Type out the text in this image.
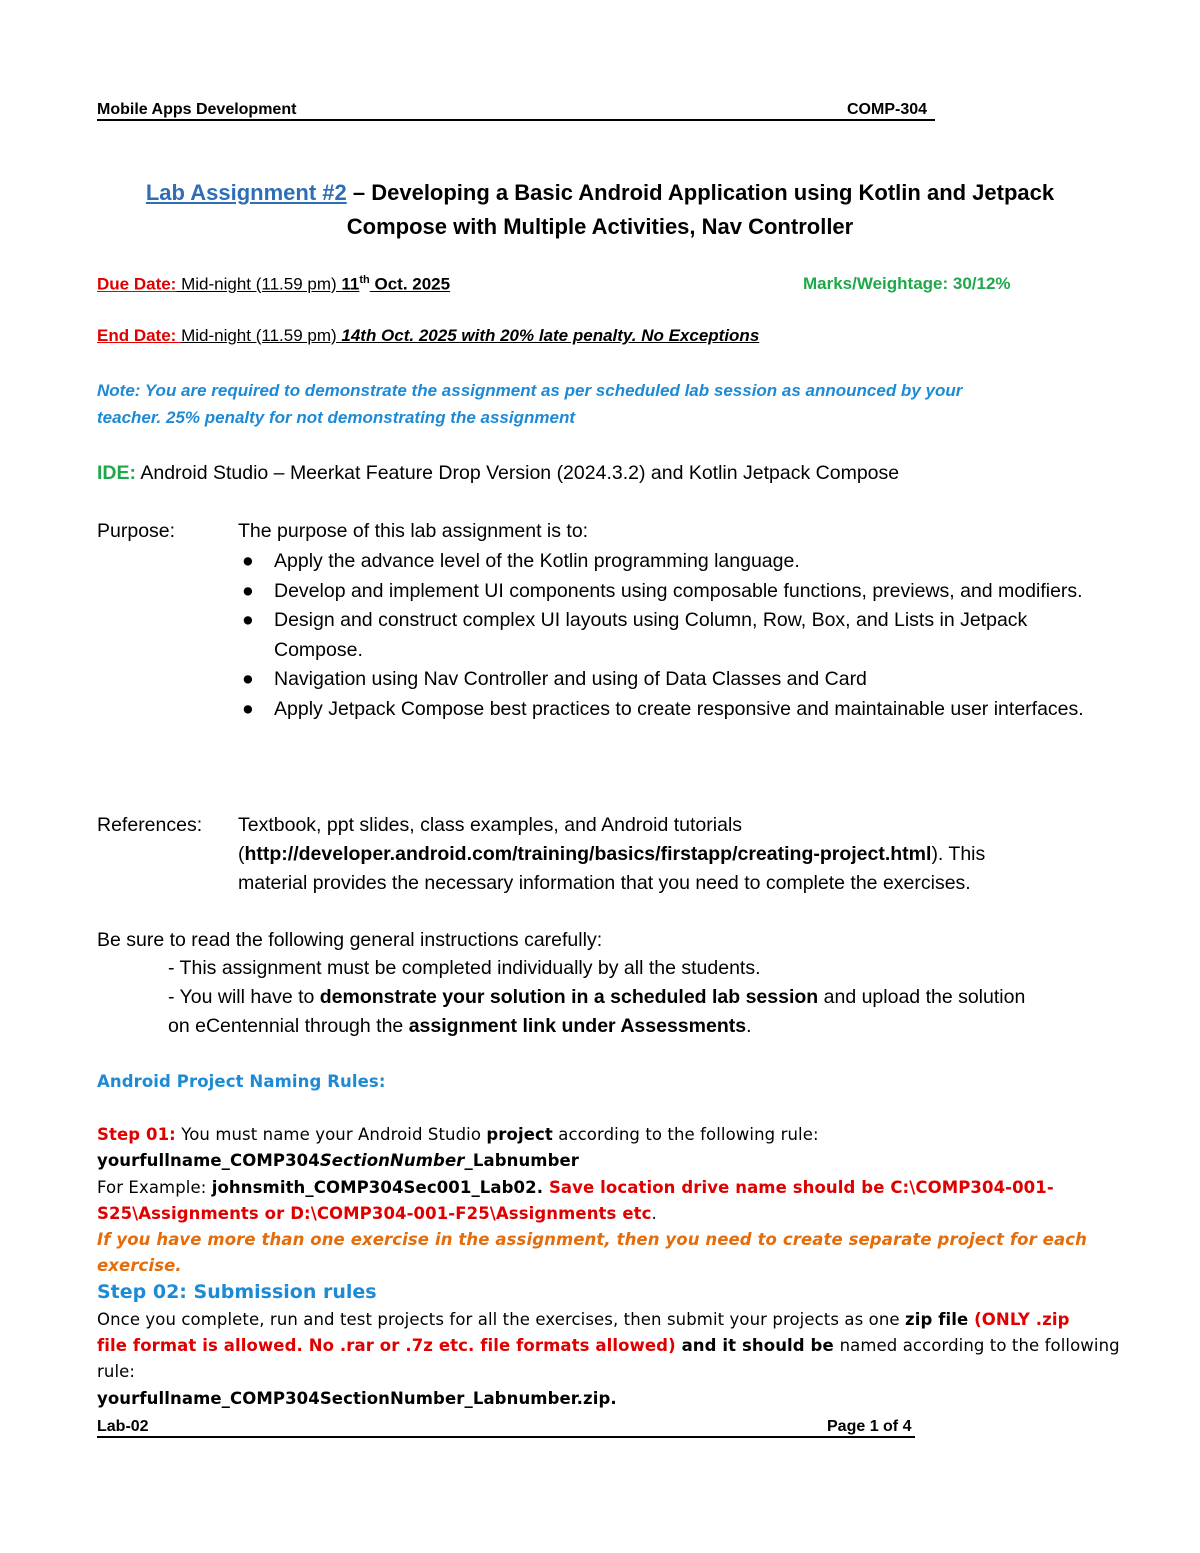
Mobile Apps Development	COMP-304
Lab Assignment #2 – Developing a Basic Android Application using Kotlin and Jetpack
Compose with Multiple Activities, Nav Controller
Due Date: Mid-night (11.59 pm) 11th Oct. 2025	Marks/Weightage: 30/12%
End Date: Mid-night (11.59 pm) 14th Oct. 2025 with 20% late penalty. No Exceptions
Note: You are required to demonstrate the assignment as per scheduled lab session as announced by your
teacher. 25% penalty for not demonstrating the assignment
IDE: Android Studio – Meerkat Feature Drop Version (2024.3.2) and Kotlin Jetpack Compose
Purpose:	The purpose of this lab assignment is to:
● Apply the advance level of the Kotlin programming language.
● Develop and implement UI components using composable functions, previews, and modifiers.
● Design and construct complex UI layouts using Column, Row, Box, and Lists in Jetpack Compose.
● Navigation using Nav Controller and using of Data Classes and Card
● Apply Jetpack Compose best practices to create responsive and maintainable user interfaces.
References: Textbook, ppt slides, class examples, and Android tutorials
(http://developer.android.com/training/basics/firstapp/creating-project.html). This
material provides the necessary information that you need to complete the exercises.
Be sure to read the following general instructions carefully:
- This assignment must be completed individually by all the students.
- You will have to demonstrate your solution in a scheduled lab session and upload the solution
on eCentennial through the assignment link under Assessments.
Android Project Naming Rules:
Step 01: You must name your Android Studio project according to the following rule:
yourfullname_COMP304SectionNumber_Labnumber
For Example: johnsmith_COMP304Sec001_Lab02. Save location drive name should be C:\COMP304-001-
S25\Assignments or D:\COMP304-001-F25\Assignments etc.
If you have more than one exercise in the assignment, then you need to create separate project for each
exercise.
Step 02: Submission rules
Once you complete, run and test projects for all the exercises, then submit your projects as one zip file (ONLY .zip
file format is allowed. No .rar or .7z etc. file formats allowed) and it should be named according to the following
rule:
yourfullname_COMP304SectionNumber_Labnumber.zip.
Lab-02	Page 1 of 4
